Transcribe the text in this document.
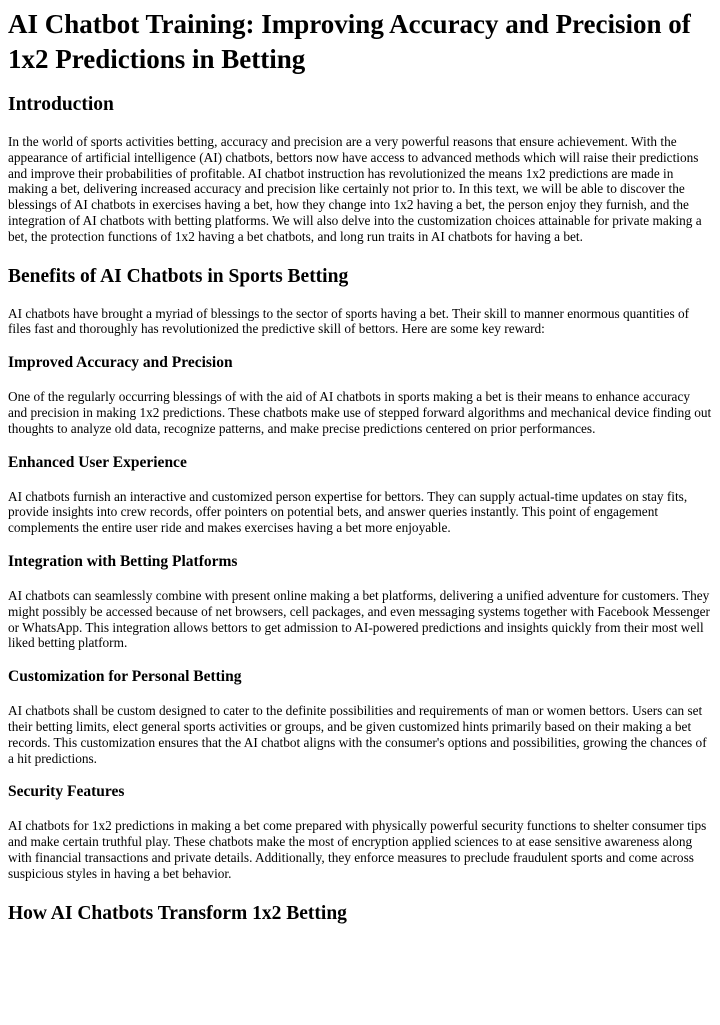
AI Chatbot Training: Improving Accuracy and Precision of 1x2 Predictions in Betting
Introduction

In the world of sports activities betting, accuracy and precision are a very powerful reasons that ensure achievement. With the appearance of artificial intelligence (AI) chatbots, bettors now have access to advanced methods which will raise their predictions and improve their probabilities of profitable. AI chatbot instruction has revolutionized the means 1x2 predictions are made in making a bet, delivering increased accuracy and precision like certainly not prior to. In this text, we will be able to discover the blessings of AI chatbots in exercises having a bet, how they change into 1x2 having a bet, the person enjoy they furnish, and the integration of AI chatbots with betting platforms. We will also delve into the customization choices attainable for private making a bet, the protection functions of 1x2 having a bet chatbots, and long run traits in AI chatbots for having a bet.

Benefits of AI Chatbots in Sports Betting

AI chatbots have brought a myriad of blessings to the sector of sports having a bet. Their skill to manner enormous quantities of files fast and thoroughly has revolutionized the predictive skill of bettors. Here are some key reward:

Improved Accuracy and Precision

One of the regularly occurring blessings of with the aid of AI chatbots in sports making a bet is their means to enhance accuracy and precision in making 1x2 predictions. These chatbots make use of stepped forward algorithms and mechanical device finding out thoughts to analyze old data, recognize patterns, and make precise predictions centered on prior performances.

Enhanced User Experience

AI chatbots furnish an interactive and customized person expertise for bettors. They can supply actual-time updates on stay fits, provide insights into crew records, offer pointers on potential bets, and answer queries instantly. This point of engagement complements the entire user ride and makes exercises having a bet more enjoyable.

Integration with Betting Platforms

AI chatbots can seamlessly combine with present online making a bet platforms, delivering a unified adventure for customers. They might possibly be accessed because of net browsers, cell packages, and even messaging systems together with Facebook Messenger or WhatsApp. This integration allows bettors to get admission to AI-powered predictions and insights quickly from their most well liked betting platform.

Customization for Personal Betting

AI chatbots shall be custom designed to cater to the definite possibilities and requirements of man or women bettors. Users can set their betting limits, elect general sports activities or groups, and be given customized hints primarily based on their making a bet records. This customization ensures that the AI chatbot aligns with the consumer's options and possibilities, growing the chances of a hit predictions.

Security Features

AI chatbots for 1x2 predictions in making a bet come prepared with physically powerful security functions to shelter consumer tips and make certain truthful play. These chatbots make the most of encryption applied sciences to at ease sensitive awareness along with financial transactions and private details. Additionally, they enforce measures to preclude fraudulent sports and come across suspicious styles in having a bet behavior.

How AI Chatbots Transform 1x2 Betting
